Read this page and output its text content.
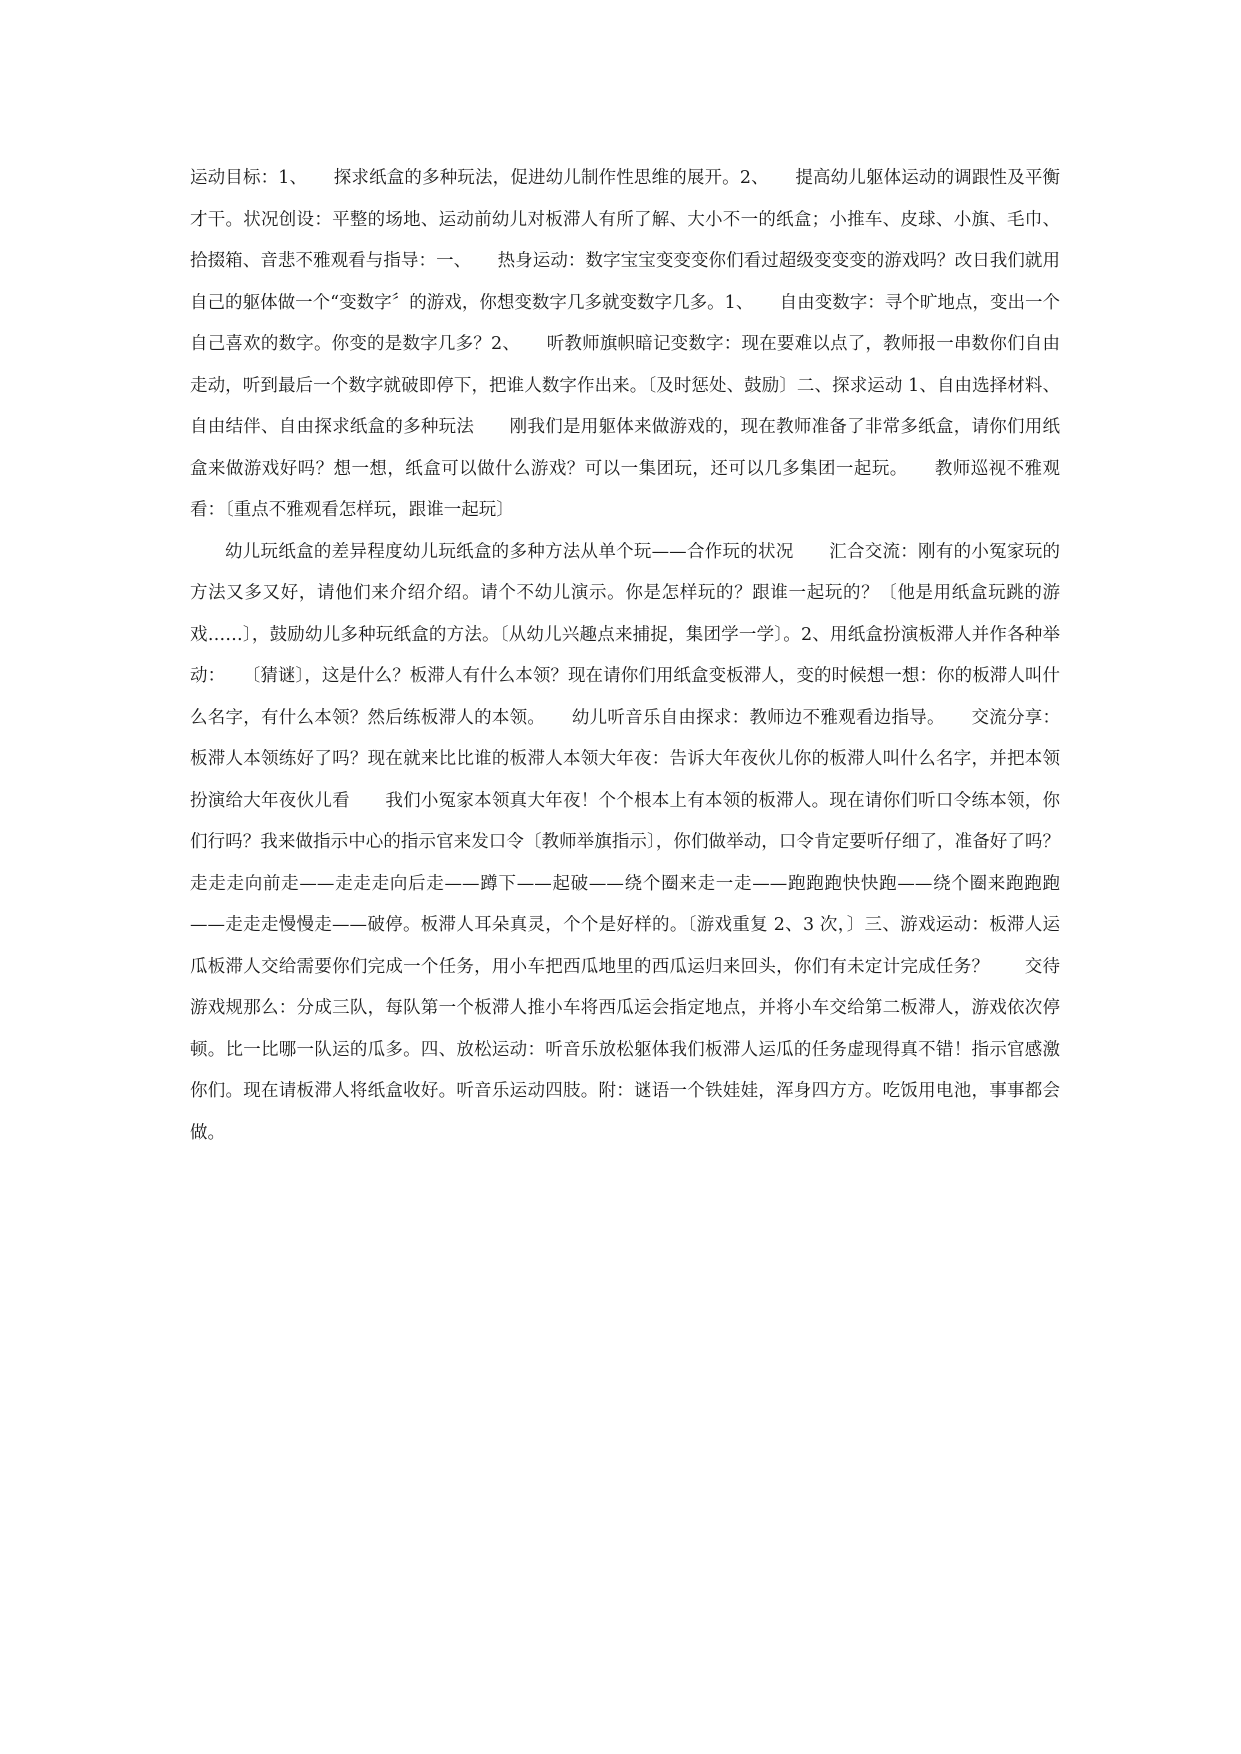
运动目标：1、　　探求纸盒的多种玩法，促进幼儿制作性思维的展开。2、　　提高幼儿躯体运动的调跟性及平衡才干。状况创设：平整的场地、运动前幼儿对板滞人有所了解、大小不一的纸盒；小推车、皮球、小旗、毛巾、拾掇箱、音悲不雅观看与指导：一、　　热身运动：数字宝宝变变变你们看过超级变变变的游戏吗？改日我们就用自己的躯体做一个“变数字〞的游戏，你想变数字几多就变数字几多。1、　　自由变数字：寻个旷地点，变出一个自己喜欢的数字。你变的是数字几多？2、　　听教师旗帜暗记变数字：现在要难以点了，教师报一串数你们自由走动，听到最后一个数字就破即停下，把谁人数字作出来。〔及时惩处、鼓励〕二、探求运动 1、自由选择材料、自由结伴、自由探求纸盒的多种玩法　　刚我们是用躯体来做游戏的，现在教师准备了非常多纸盒，请你们用纸盒来做游戏好吗？想一想，纸盒可以做什么游戏？可以一集团玩，还可以几多集团一起玩。　　教师巡视不雅观看：〔重点不雅观看怎样玩，跟谁一起玩〕

幼儿玩纸盒的差异程度幼儿玩纸盒的多种方法从单个玩——合作玩的状况　　汇合交流：刚有的小冤家玩的方法又多又好，请他们来介绍介绍。请个不幼儿演示。你是怎样玩的？跟谁一起玩的？〔他是用纸盒玩跳的游戏……〕，鼓励幼儿多种玩纸盒的方法。〔从幼儿兴趣点来捕捉，集团学一学〕。2、用纸盒扮演板滞人并作各种举动：　　〔猜谜〕，这是什么？板滞人有什么本领？现在请你们用纸盒变板滞人，变的时候想一想：你的板滞人叫什么名字，有什么本领？然后练板滞人的本领。　　幼儿听音乐自由探求：教师边不雅观看边指导。　　交流分享：板滞人本领练好了吗？现在就来比比谁的板滞人本领大年夜：告诉大年夜伙儿你的板滞人叫什么名字，并把本领扮演给大年夜伙儿看　　我们小冤家本领真大年夜！个个根本上有本领的板滞人。现在请你们听口令练本领，你们行吗？我来做指示中心的指示官来发口令〔教师举旗指示〕，你们做举动，口令肯定要听仔细了，准备好了吗？走走走向前走——走走走向后走——蹲下——起破——绕个圈来走一走——跑跑跑快快跑——绕个圈来跑跑跑——走走走慢慢走——破停。板滞人耳朵真灵，个个是好样的。〔游戏重复 2、3 次，〕三、游戏运动：板滞人运瓜板滞人交给需要你们完成一个任务，用小车把西瓜地里的西瓜运归来回头，你们有未定计完成任务？　　交待游戏规那么：分成三队，每队第一个板滞人推小车将西瓜运会指定地点，并将小车交给第二板滞人，游戏依次停顿。比一比哪一队运的瓜多。四、放松运动：听音乐放松躯体我们板滞人运瓜的任务虚现得真不错！指示官感激你们。现在请板滞人将纸盒收好。听音乐运动四肢。附：谜语一个铁娃娃，浑身四方方。吃饭用电池，事事都会做。
